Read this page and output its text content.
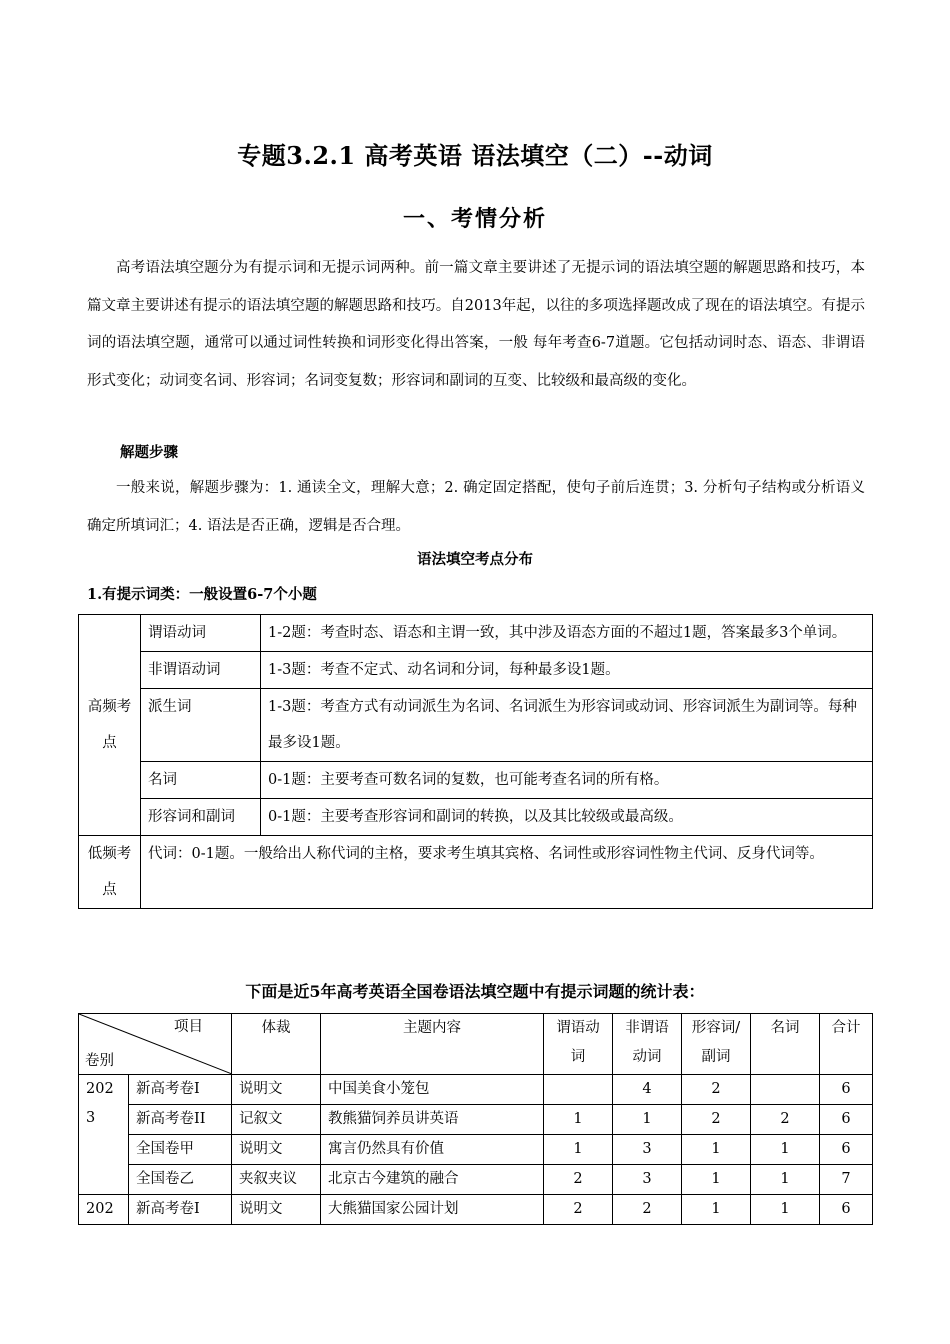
专题3.2.1 高考英语 语法填空（二）--动词
一、考情分析
高考语法填空题分为有提示词和无提示词两种。前一篇文章主要讲述了无提示词的语法填空题的解题思路和技巧，本篇文章主要讲述有提示的语法填空题的解题思路和技巧。自2013年起，以往的多项选择题改成了现在的语法填空。有提示词的语法填空题，通常可以通过词性转换和词形变化得出答案，一般 每年考查6-7道题。它包括动词时态、语态、非谓语形式变化；动词变名词、形容词；名词变复数；形容词和副词的互变、比较级和最高级的变化。
解题步骤
一般来说，解题步骤为：1. 通读全文，理解大意；2. 确定固定搭配，使句子前后连贯；3. 分析句子结构或分析语义确定所填词汇；4. 语法是否正确，逻辑是否合理。
语法填空考点分布
1.有提示词类：一般设置6-7个小题
高频考点	谓语动词	1-2题：考查时态、语态和主谓一致，其中涉及语态方面的不超过1题，答案最多3个单词。
	非谓语动词	1-3题：考查不定式、动名词和分词，每种最多设1题。
	派生词	1-3题：考查方式有动词派生为名词、名词派生为形容词或动词、形容词派生为副词等。每种最多设1题。
	名词	0-1题：主要考查可数名词的复数，也可能考查名词的所有格。
	形容词和副词	0-1题：主要考查形容词和副词的转换，以及其比较级或最高级。
低频考点	代词：0-1题。一般给出人称代词的主格，要求考生填其宾格、名词性或形容词性物主代词、反身代词等。	
下面是近5年高考英语全国卷语法填空题中有提示词题的统计表：
项目
卷别		体裁	主题内容	谓语动词	非谓语动词	形容词/副词	名词	合计
2023	新高考卷I	说明文	中国美食小笼包		4	2		6
	新高考卷II	记叙文	教熊猫饲养员讲英语	1	1	2	2	6
	全国卷甲	说明文	寓言仍然具有价值	1	3	1	1	6
	全国卷乙	夹叙夹议	北京古今建筑的融合	2	3	1	1	7
202	新高考卷I	说明文	大熊猫国家公园计划	2	2	1	1	6
